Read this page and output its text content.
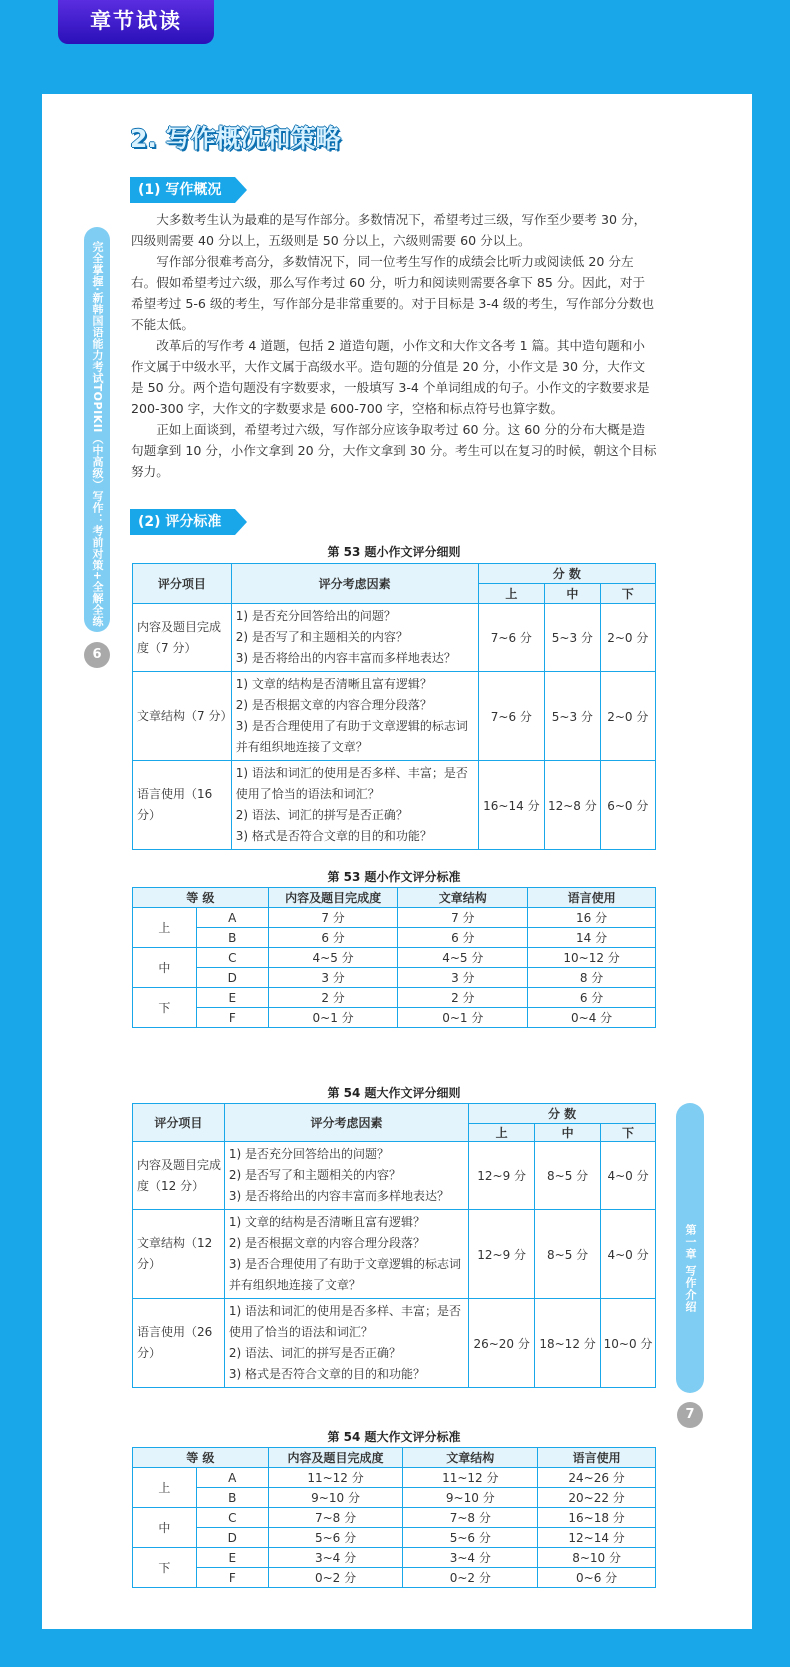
章节试读
完全掌握·新韩国语能力考试TOPIKII（中高级）写作：考前对策+全解全练
6
第一章 写作介绍
7
2. 写作概况和策略
(1) 写作概况

大多数考生认为最难的是写作部分。多数情况下，希望考过三级，写作至少要考 30 分，四级则需要 40 分以上，五级则是 50 分以上，六级则需要 60 分以上。

写作部分很难考高分，多数情况下，同一位考生写作的成绩会比听力或阅读低 20 分左右。假如希望考过六级，那么写作考过 60 分，听力和阅读则需要各拿下 85 分。因此，对于希望考过 5-6 级的考生，写作部分是非常重要的。对于目标是 3-4 级的考生，写作部分分数也不能太低。

改革后的写作考 4 道题，包括 2 道造句题，小作文和大作文各考 1 篇。其中造句题和小作文属于中级水平，大作文属于高级水平。造句题的分值是 20 分，小作文是 30 分，大作文是 50 分。两个造句题没有字数要求，一般填写 3-4 个单词组成的句子。小作文的字数要求是 200-300 字，大作文的字数要求是 600-700 字，空格和标点符号也算字数。

正如上面谈到，希望考过六级，写作部分应该争取考过 60 分。这 60 分的分布大概是造句题拿到 10 分，小作文拿到 20 分，大作文拿到 30 分。考生可以在复习的时候，朝这个目标努力。

(2) 评分标准
第 53 题小作文评分细则
评分项目	评分考虑因素	分 数		
		上	中	下
内容及题目完成度（7 分）	1) 是否充分回答给出的问题？
2) 是否写了和主题相关的内容？
3) 是否将给出的内容丰富而多样地表达？	7~6 分	5~3 分	2~0 分
文章结构（7 分）	1) 文章的结构是否清晰且富有逻辑？
2) 是否根据文章的内容合理分段落？
3) 是否合理使用了有助于文章逻辑的标志词并有组织地连接了文章？	7~6 分	5~3 分	2~0 分
语言使用（16 分）	1) 语法和词汇的使用是否多样、丰富；是否使用了恰当的语法和词汇？
2) 语法、词汇的拼写是否正确？
3) 格式是否符合文章的目的和功能？	16~14 分	12~8 分	6~0 分
第 53 题小作文评分标准
等 级		内容及题目完成度	文章结构	语言使用
上	A	7 分	7 分	16 分
	B	6 分	6 分	14 分
中	C	4~5 分	4~5 分	10~12 分
	D	3 分	3 分	8 分
下	E	2 分	2 分	6 分
	F	0~1 分	0~1 分	0~4 分
第 54 题大作文评分细则
评分项目	评分考虑因素	分 数		
		上	中	下
内容及题目完成度（12 分）	1) 是否充分回答给出的问题？
2) 是否写了和主题相关的内容？
3) 是否将给出的内容丰富而多样地表达？	12~9 分	8~5 分	4~0 分
文章结构（12 分）	1) 文章的结构是否清晰且富有逻辑？
2) 是否根据文章的内容合理分段落？
3) 是否合理使用了有助于文章逻辑的标志词并有组织地连接了文章？	12~9 分	8~5 分	4~0 分
语言使用（26 分）	1) 语法和词汇的使用是否多样、丰富；是否使用了恰当的语法和词汇？
2) 语法、词汇的拼写是否正确？
3) 格式是否符合文章的目的和功能？	26~20 分	18~12 分	10~0 分
第 54 题大作文评分标准
等 级		内容及题目完成度	文章结构	语言使用
上	A	11~12 分	11~12 分	24~26 分
	B	9~10 分	9~10 分	20~22 分
中	C	7~8 分	7~8 分	16~18 分
	D	5~6 分	5~6 分	12~14 分
下	E	3~4 分	3~4 分	8~10 分
	F	0~2 分	0~2 分	0~6 分
